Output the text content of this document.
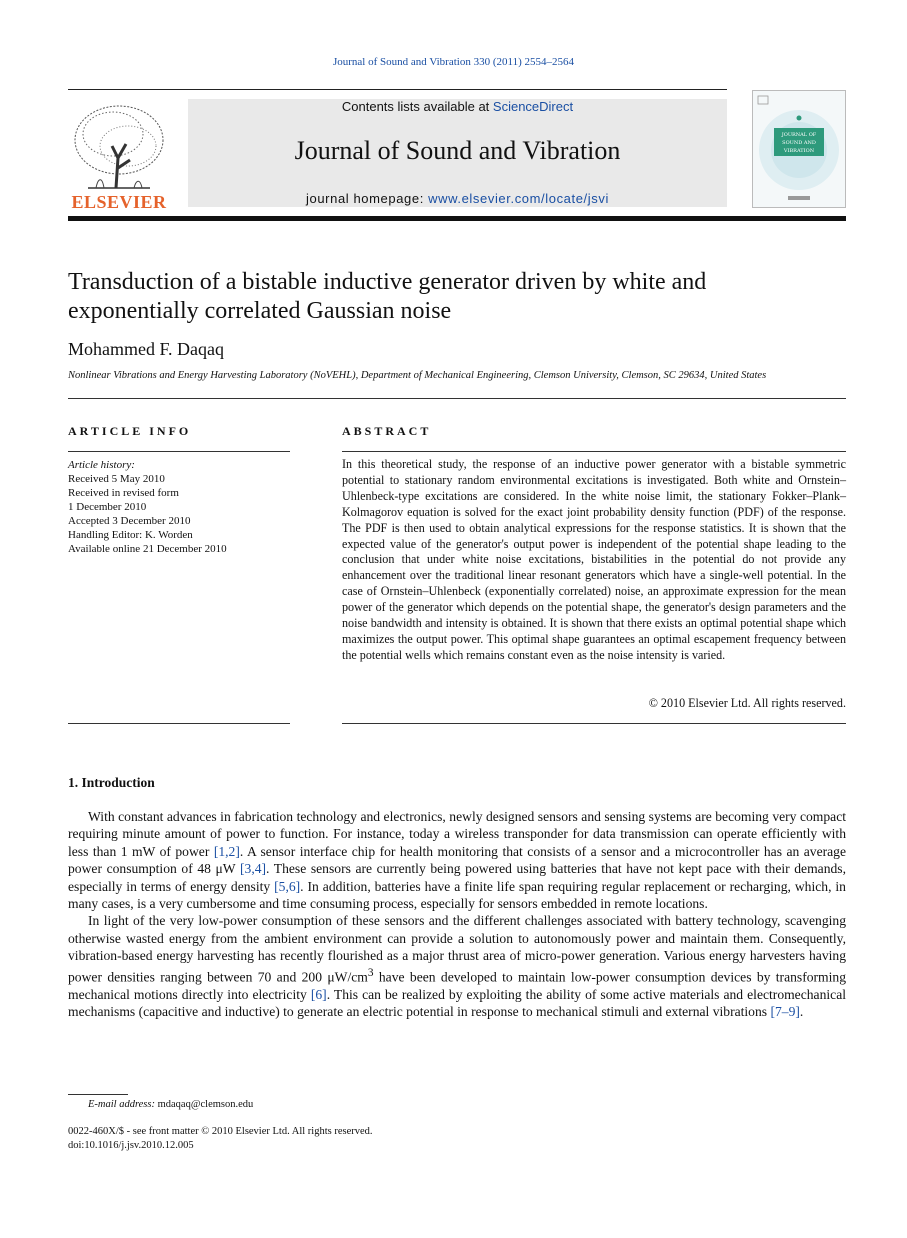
Journal of Sound and Vibration 330 (2011) 2554–2564
ELSEVIER
Contents lists available at ScienceDirect
Journal of Sound and Vibration
journal homepage: www.elsevier.com/locate/jsvi
JOURNAL OF
SOUND AND
VIBRATION
Transduction of a bistable inductive generator driven by white and exponentially correlated Gaussian noise
Mohammed F. Daqaq
Nonlinear Vibrations and Energy Harvesting Laboratory (NoVEHL), Department of Mechanical Engineering, Clemson University, Clemson, SC 29634, United States
ARTICLE INFO	ABSTRACT
Article history:
Received 5 May 2010
Received in revised form
1 December 2010
Accepted 3 December 2010
Handling Editor: K. Worden
Available online 21 December 2010
In this theoretical study, the response of an inductive power generator with a bistable symmetric potential to stationary random environmental excitations is investigated. Both white and Ornstein–Uhlenbeck-type excitations are considered. In the white noise limit, the stationary Fokker–Plank–Kolmagorov equation is solved for the exact joint probability density function (PDF) of the response. The PDF is then used to obtain analytical expressions for the response statistics. It is shown that the expected value of the generator's output power is independent of the potential shape leading to the conclusion that under white noise excitations, bistabilities in the potential do not provide any enhancement over the traditional linear resonant generators which have a single-well potential. In the case of Ornstein–Uhlenbeck (exponentially correlated) noise, an approximate expression for the mean power of the generator which depends on the potential shape, the generator's design parameters and the noise bandwidth and intensity is obtained. It is shown that there exists an optimal potential shape which maximizes the output power. This optimal shape guarantees an optimal escapement frequency between the potential wells which remains constant even as the noise intensity is varied.
© 2010 Elsevier Ltd. All rights reserved.
1. Introduction

With constant advances in fabrication technology and electronics, newly designed sensors and sensing systems are becoming very compact requiring minute amount of power to function. For instance, today a wireless transponder for data transmission can operate efficiently with less than 1 mW of power [1,2]. A sensor interface chip for health monitoring that consists of a sensor and a microcontroller has an average power consumption of 48 μW [3,4]. These sensors are currently being powered using batteries that have not kept pace with their demands, especially in terms of energy density [5,6]. In addition, batteries have a finite life span requiring regular replacement or recharging, which, in many cases, is a very cumbersome and time consuming process, especially for sensors embedded in remote locations.

In light of the very low-power consumption of these sensors and the different challenges associated with battery technology, scavenging otherwise wasted energy from the ambient environment can provide a solution to autonomously power and maintain them. Consequently, vibration-based energy harvesting has recently flourished as a major thrust area of micro-power generation. Various energy harvesters having power densities ranging between 70 and 200 $\mu W/cm^3$ have been developed to maintain low-power consumption devices by transforming mechanical motions directly into electricity [6]. This can be realized by exploiting the ability of some active materials and electromechanical mechanisms (capacitive and inductive) to generate an electric potential in response to mechanical stimuli and external vibrations [7–9].

E-mail address: mdaqaq@clemson.edu
0022-460X/$ - see front matter © 2010 Elsevier Ltd. All rights reserved.
doi:10.1016/j.jsv.2010.12.005
